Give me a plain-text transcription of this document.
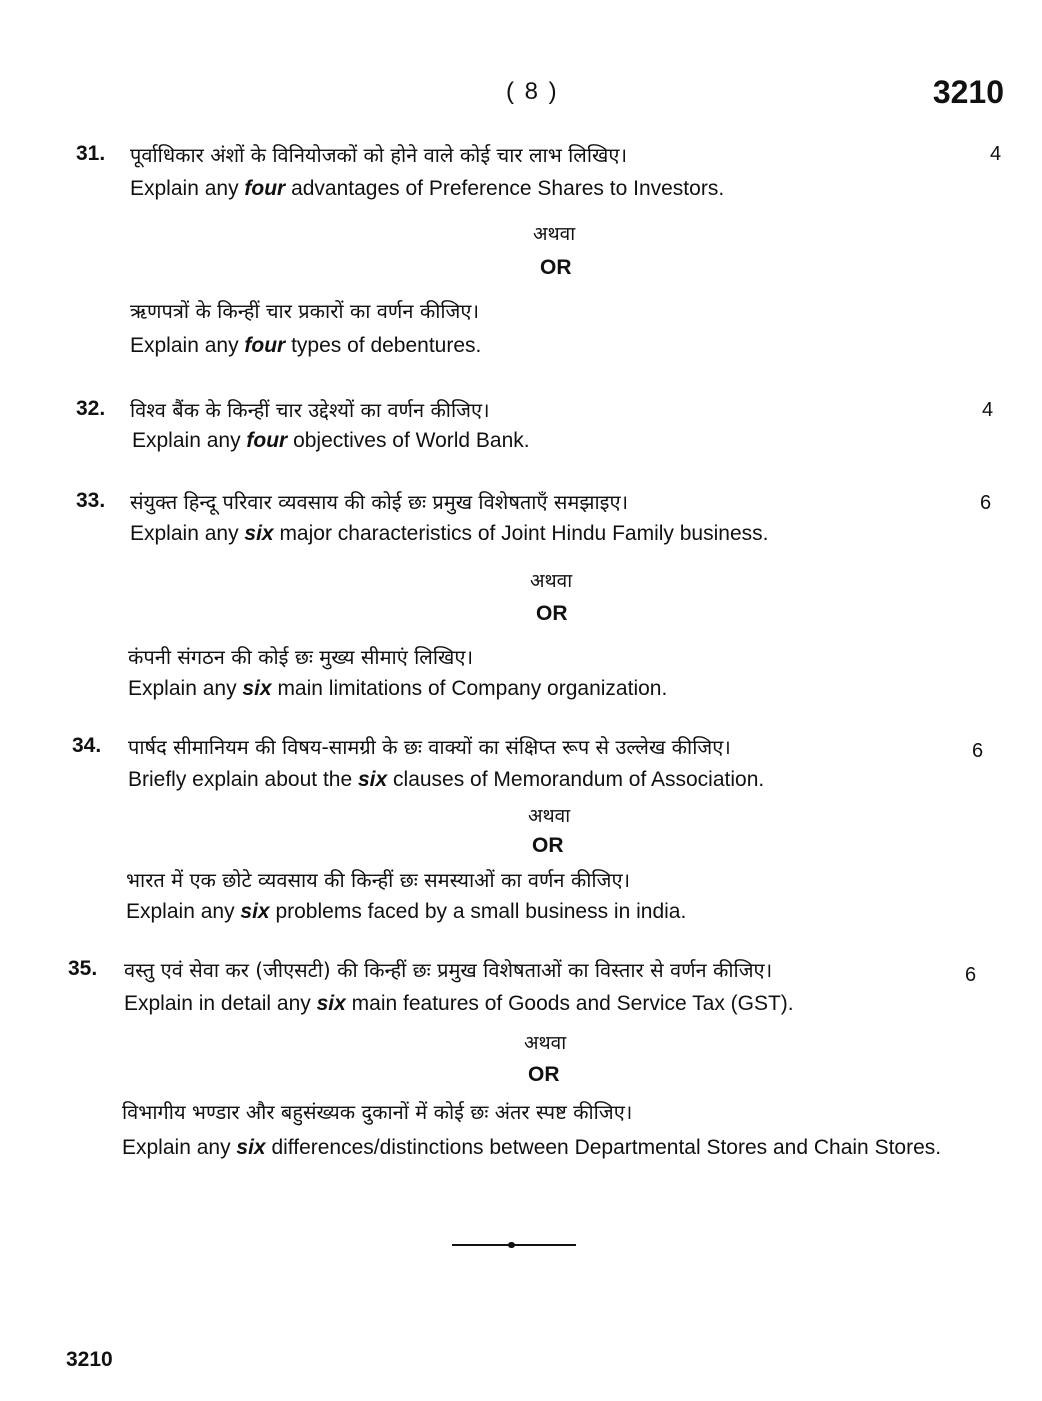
( 8 )	3210
31. पूर्वाधिकार अंशों के विनियोजकों को होने वाले कोई चार लाभ लिखिए।	4
Explain any four advantages of Preference Shares to Investors.
अथवा
OR
ऋणपत्रों के किन्हीं चार प्रकारों का वर्णन कीजिए।
Explain any four types of debentures.
32. विश्व बैंक के किन्हीं चार उद्देश्यों का वर्णन कीजिए।	4
Explain any four objectives of World Bank.
33. संयुक्त हिन्दू परिवार व्यवसाय की कोई छः प्रमुख विशेषताएँ समझाइए।	6
Explain any six major characteristics of Joint Hindu Family business.
अथवा
OR
कंपनी संगठन की कोई छः मुख्य सीमाएं लिखिए।
Explain any six main limitations of Company organization.
34. पार्षद सीमानियम की विषय-सामग्री के छः वाक्यों का संक्षिप्त रूप से उल्लेख कीजिए।	6
Briefly explain about the six clauses of Memorandum of Association.
अथवा
OR
भारत में एक छोटे व्यवसाय की किन्हीं छः समस्याओं का वर्णन कीजिए।
Explain any six problems faced by a small business in india.
35. वस्तु एवं सेवा कर (जीएसटी) की किन्हीं छः प्रमुख विशेषताओं का विस्तार से वर्णन कीजिए।	6
Explain in detail any six main features of Goods and Service Tax (GST).
अथवा
OR
विभागीय भण्डार और बहुसंख्यक दुकानों में कोई छः अंतर स्पष्ट कीजिए।
Explain any six differences/distinctions between Departmental Stores and Chain Stores.
3210
